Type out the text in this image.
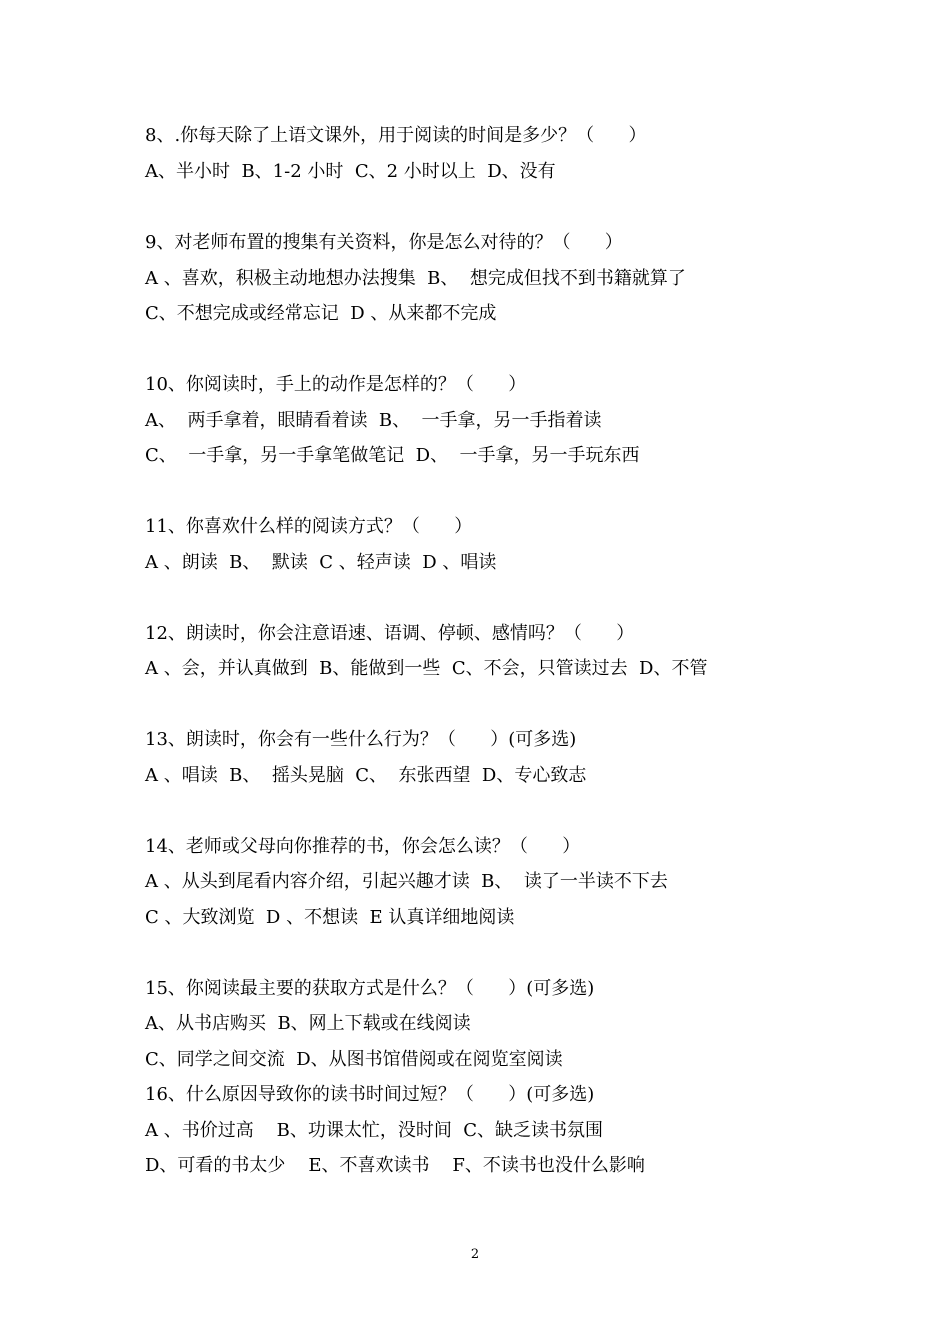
8、.你每天除了上语文课外，用于阅读的时间是多少？（      ）
A、半小时  B、1-2 小时  C、2 小时以上  D、没有
9、对老师布置的搜集有关资料，你是怎么对待的？（      ）
A 、喜欢，积极主动地想办法搜集  B、  想完成但找不到书籍就算了
C、不想完成或经常忘记  D 、从来都不完成
10、你阅读时，手上的动作是怎样的？（      ）
A、  两手拿着，眼睛看着读  B、  一手拿，另一手指着读
C、  一手拿，另一手拿笔做笔记  D、  一手拿，另一手玩东西
11、你喜欢什么样的阅读方式？（      ）
A 、朗读  B、  默读  C 、轻声读  D 、唱读
12、朗读时，你会注意语速、语调、停顿、感情吗？（      ）
A 、会，并认真做到  B、能做到一些  C、不会，只管读过去  D、不管
13、朗读时，你会有一些什么行为？（      ）(可多选)
A 、唱读  B、  摇头晃脑  C、  东张西望  D、专心致志
14、老师或父母向你推荐的书，你会怎么读？（      ）
A 、从头到尾看内容介绍，引起兴趣才读  B、  读了一半读不下去
C 、大致浏览  D 、不想读  E 认真详细地阅读
15、你阅读最主要的获取方式是什么？（      ）(可多选)
A、从书店购买  B、网上下载或在线阅读
C、同学之间交流  D、从图书馆借阅或在阅览室阅读
16、什么原因导致你的读书时间过短？（      ）(可多选)
A 、书价过高    B、功课太忙，没时间  C、缺乏读书氛围
D、可看的书太少    E、不喜欢读书    F、不读书也没什么影响
2
